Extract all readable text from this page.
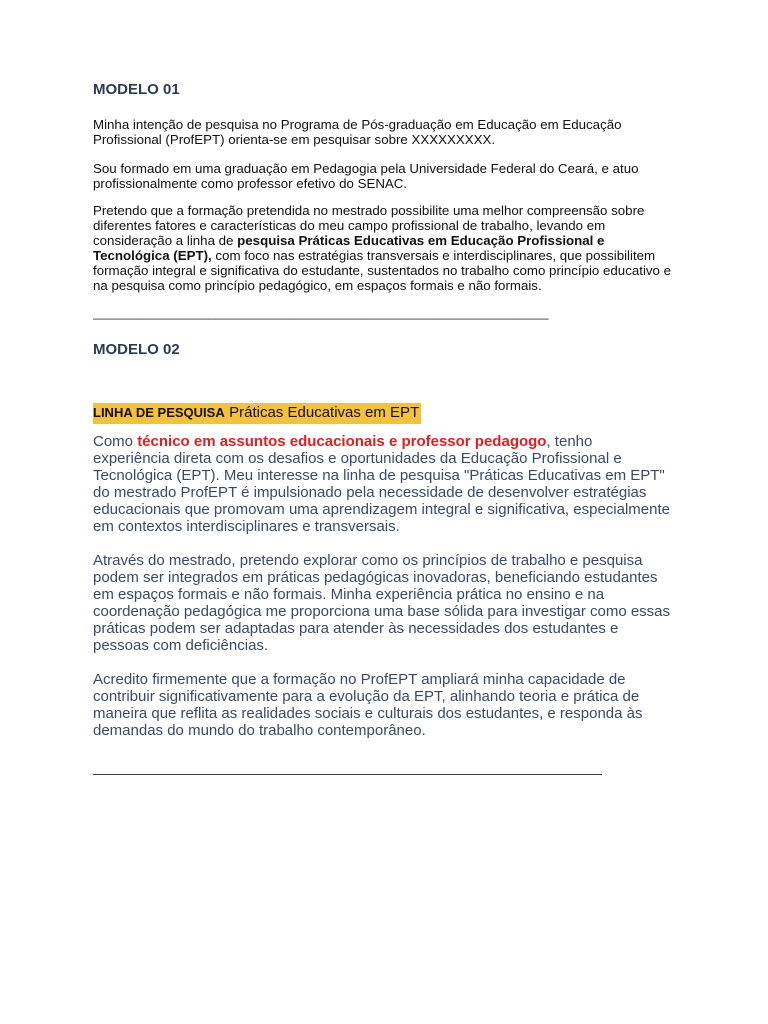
MODELO 01

Minha intenção de pesquisa no Programa de Pós-graduação em Educação em Educação Profissional (ProfEPT) orienta-se em pesquisar sobre XXXXXXXXX.

Sou formado em uma graduação em Pedagogia pela Universidade Federal do Ceará, e atuo profissionalmente como professor efetivo do SENAC.

Pretendo que a formação pretendida no mestrado possibilite uma melhor compreensão sobre diferentes fatores e características do meu campo profissional de trabalho, levando em consideração a linha de pesquisa Práticas Educativas em Educação Profissional e Tecnológica (EPT), com foco nas estratégias transversais e interdisciplinares, que possibilitem formação integral e significativa do estudante, sustentados no trabalho como princípio educativo e na pesquisa como princípio pedagógico, em espaços formais e não formais.

_______________________________________________________________
MODELO 02
LINHA DE PESQUISA Práticas Educativas em EPT

Como técnico em assuntos educacionais e professor pedagogo, tenho experiência direta com os desafios e oportunidades da Educação Profissional e Tecnológica (EPT). Meu interesse na linha de pesquisa "Práticas Educativas em EPT" do mestrado ProfEPT é impulsionado pela necessidade de desenvolver estratégias educacionais que promovam uma aprendizagem integral e significativa, especialmente em contextos interdisciplinares e transversais.

Através do mestrado, pretendo explorar como os princípios de trabalho e pesquisa podem ser integrados em práticas pedagógicas inovadoras, beneficiando estudantes em espaços formais e não formais. Minha experiência prática no ensino e na coordenação pedagógica me proporciona uma base sólida para investigar como essas práticas podem ser adaptadas para atender às necessidades dos estudantes e pessoas com deficiências.

Acredito firmemente que a formação no ProfEPT ampliará minha capacidade de contribuir significativamente para a evolução da EPT, alinhando teoria e prática de maneira que reflita as realidades sociais e culturais dos estudantes, e responda às demandas do mundo do trabalho contemporâneo.

_____________________________________________________________
